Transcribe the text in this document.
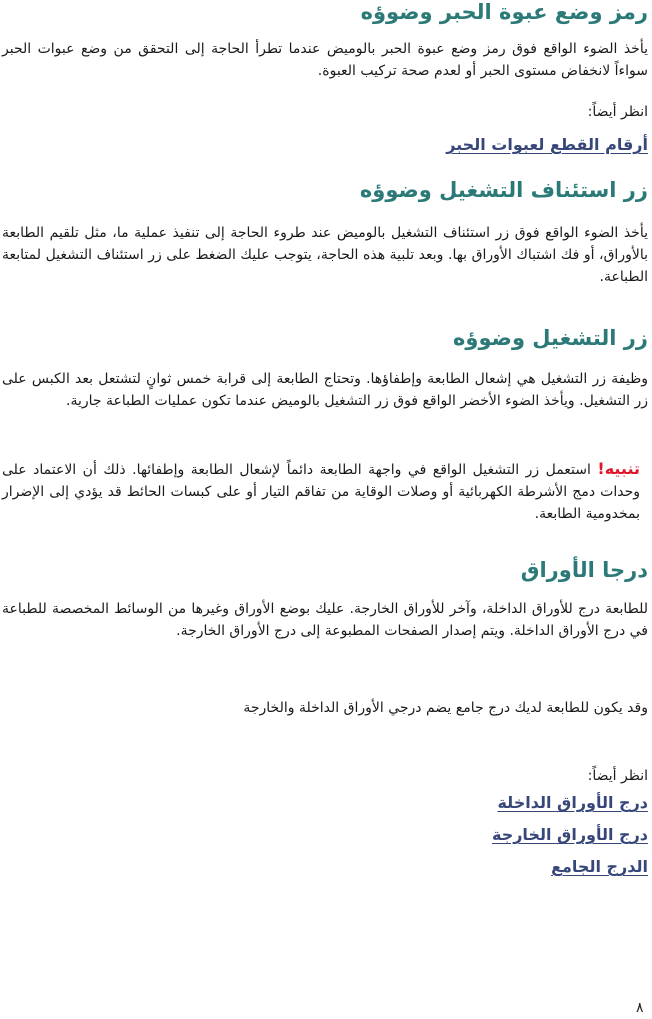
رمز وضع عبوة الحبر وضوؤه

يأخذ الضوء الواقع فوق رمز وضع عبوة الحبر بالوميض عندما تطرأ الحاجة إلى التحقق من وضع عبوات الحبر سواءاً لانخفاض مستوى الحبر أو لعدم صحة تركيب العبوة.

انظر أيضاً:

أرقام القطع لعبوات الحبر
زر استئناف التشغيل وضوؤه

يأخذ الضوء الواقع فوق زر استئناف التشغيل بالوميض عند طروء الحاجة إلى تنفيذ عملية ما، مثل تلقيم الطابعة بالأوراق، أو فك اشتباك الأوراق بها. وبعد تلبية هذه الحاجة، يتوجب عليك الضغط على زر استئناف التشغيل لمتابعة الطباعة.

زر التشغيل وضوؤه

وظيفة زر التشغيل هي إشعال الطابعة وإطفاؤها. وتحتاج الطابعة إلى قرابة خمس ثوانٍ لتشتعل بعد الكبس على زر التشغيل. ويأخذ الضوء الأخضر الواقع فوق زر التشغيل بالوميض عندما تكون عمليات الطباعة جارية.

تنبيه! استعمل زر التشغيل الواقع في واجهة الطابعة دائماً لإشعال الطابعة وإطفائها. ذلك أن الاعتماد على وحدات دمج الأشرطة الكهربائية أو وصلات الوقاية من تفاقم التيار أو على كبسات الحائط قد يؤدي إلى الإضرار بمخدومية الطابعة.

درجا الأوراق

للطابعة درج للأوراق الداخلة، وآخر للأوراق الخارجة. عليك بوضع الأوراق وغيرها من الوسائط المخصصة للطباعة في درج الأوراق الداخلة. ويتم إصدار الصفحات المطبوعة إلى درج الأوراق الخارجة.

وقد يكون للطابعة لديك درج جامع يضم درجي الأوراق الداخلة والخارجة

انظر أيضاً:

درج الأوراق الداخلة
درج الأوراق الخارجة
الدرج الجامع
٨
